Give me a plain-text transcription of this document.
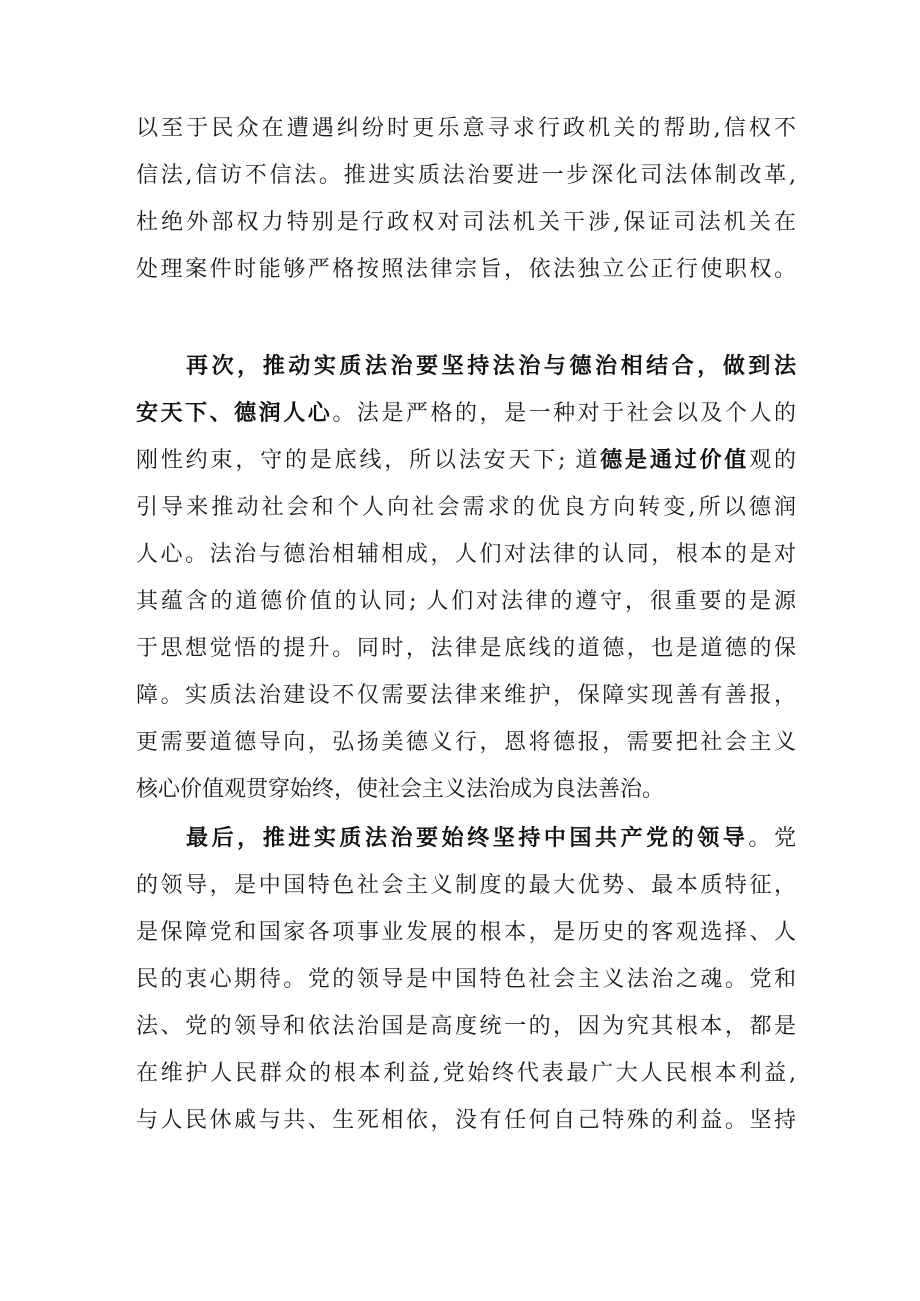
以至于民众在遭遇纠纷时更乐意寻求行政机关的帮助,信权不
信法,信访不信法。推进实质法治要进一步深化司法体制改革,
杜绝外部权力特别是行政权对司法机关干涉,保证司法机关在
处理案件时能够严格按照法律宗旨，依法独立公正行使职权。
再次，推动实质法治要坚持法治与德治相结合，做到法
安天下、德润人心。法是严格的，是一种对于社会以及个人的
刚性约束，守的是底线，所以法安天下; 道德是通过价值观的
引导来推动社会和个人向社会需求的优良方向转变,所以德润
人心。法治与德治相辅相成，人们对法律的认同，根本的是对
其蕴含的道德价值的认同; 人们对法律的遵守，很重要的是源
于思想觉悟的提升。同时，法律是底线的道德，也是道德的保
障。实质法治建设不仅需要法律来维护，保障实现善有善报，
更需要道德导向，弘扬美德义行，恩将德报，需要把社会主义
核心价值观贯穿始终，使社会主义法治成为良法善治。
最后，推进实质法治要始终坚持中国共产党的领导。党
的领导，是中国特色社会主义制度的最大优势、最本质特征，
是保障党和国家各项事业发展的根本，是历史的客观选择、人
民的衷心期待。党的领导是中国特色社会主义法治之魂。党和
法、党的领导和依法治国是高度统一的，因为究其根本，都是
在维护人民群众的根本利益,党始终代表最广大人民根本利益,
与人民休戚与共、生死相依，没有任何自己特殊的利益。坚持
